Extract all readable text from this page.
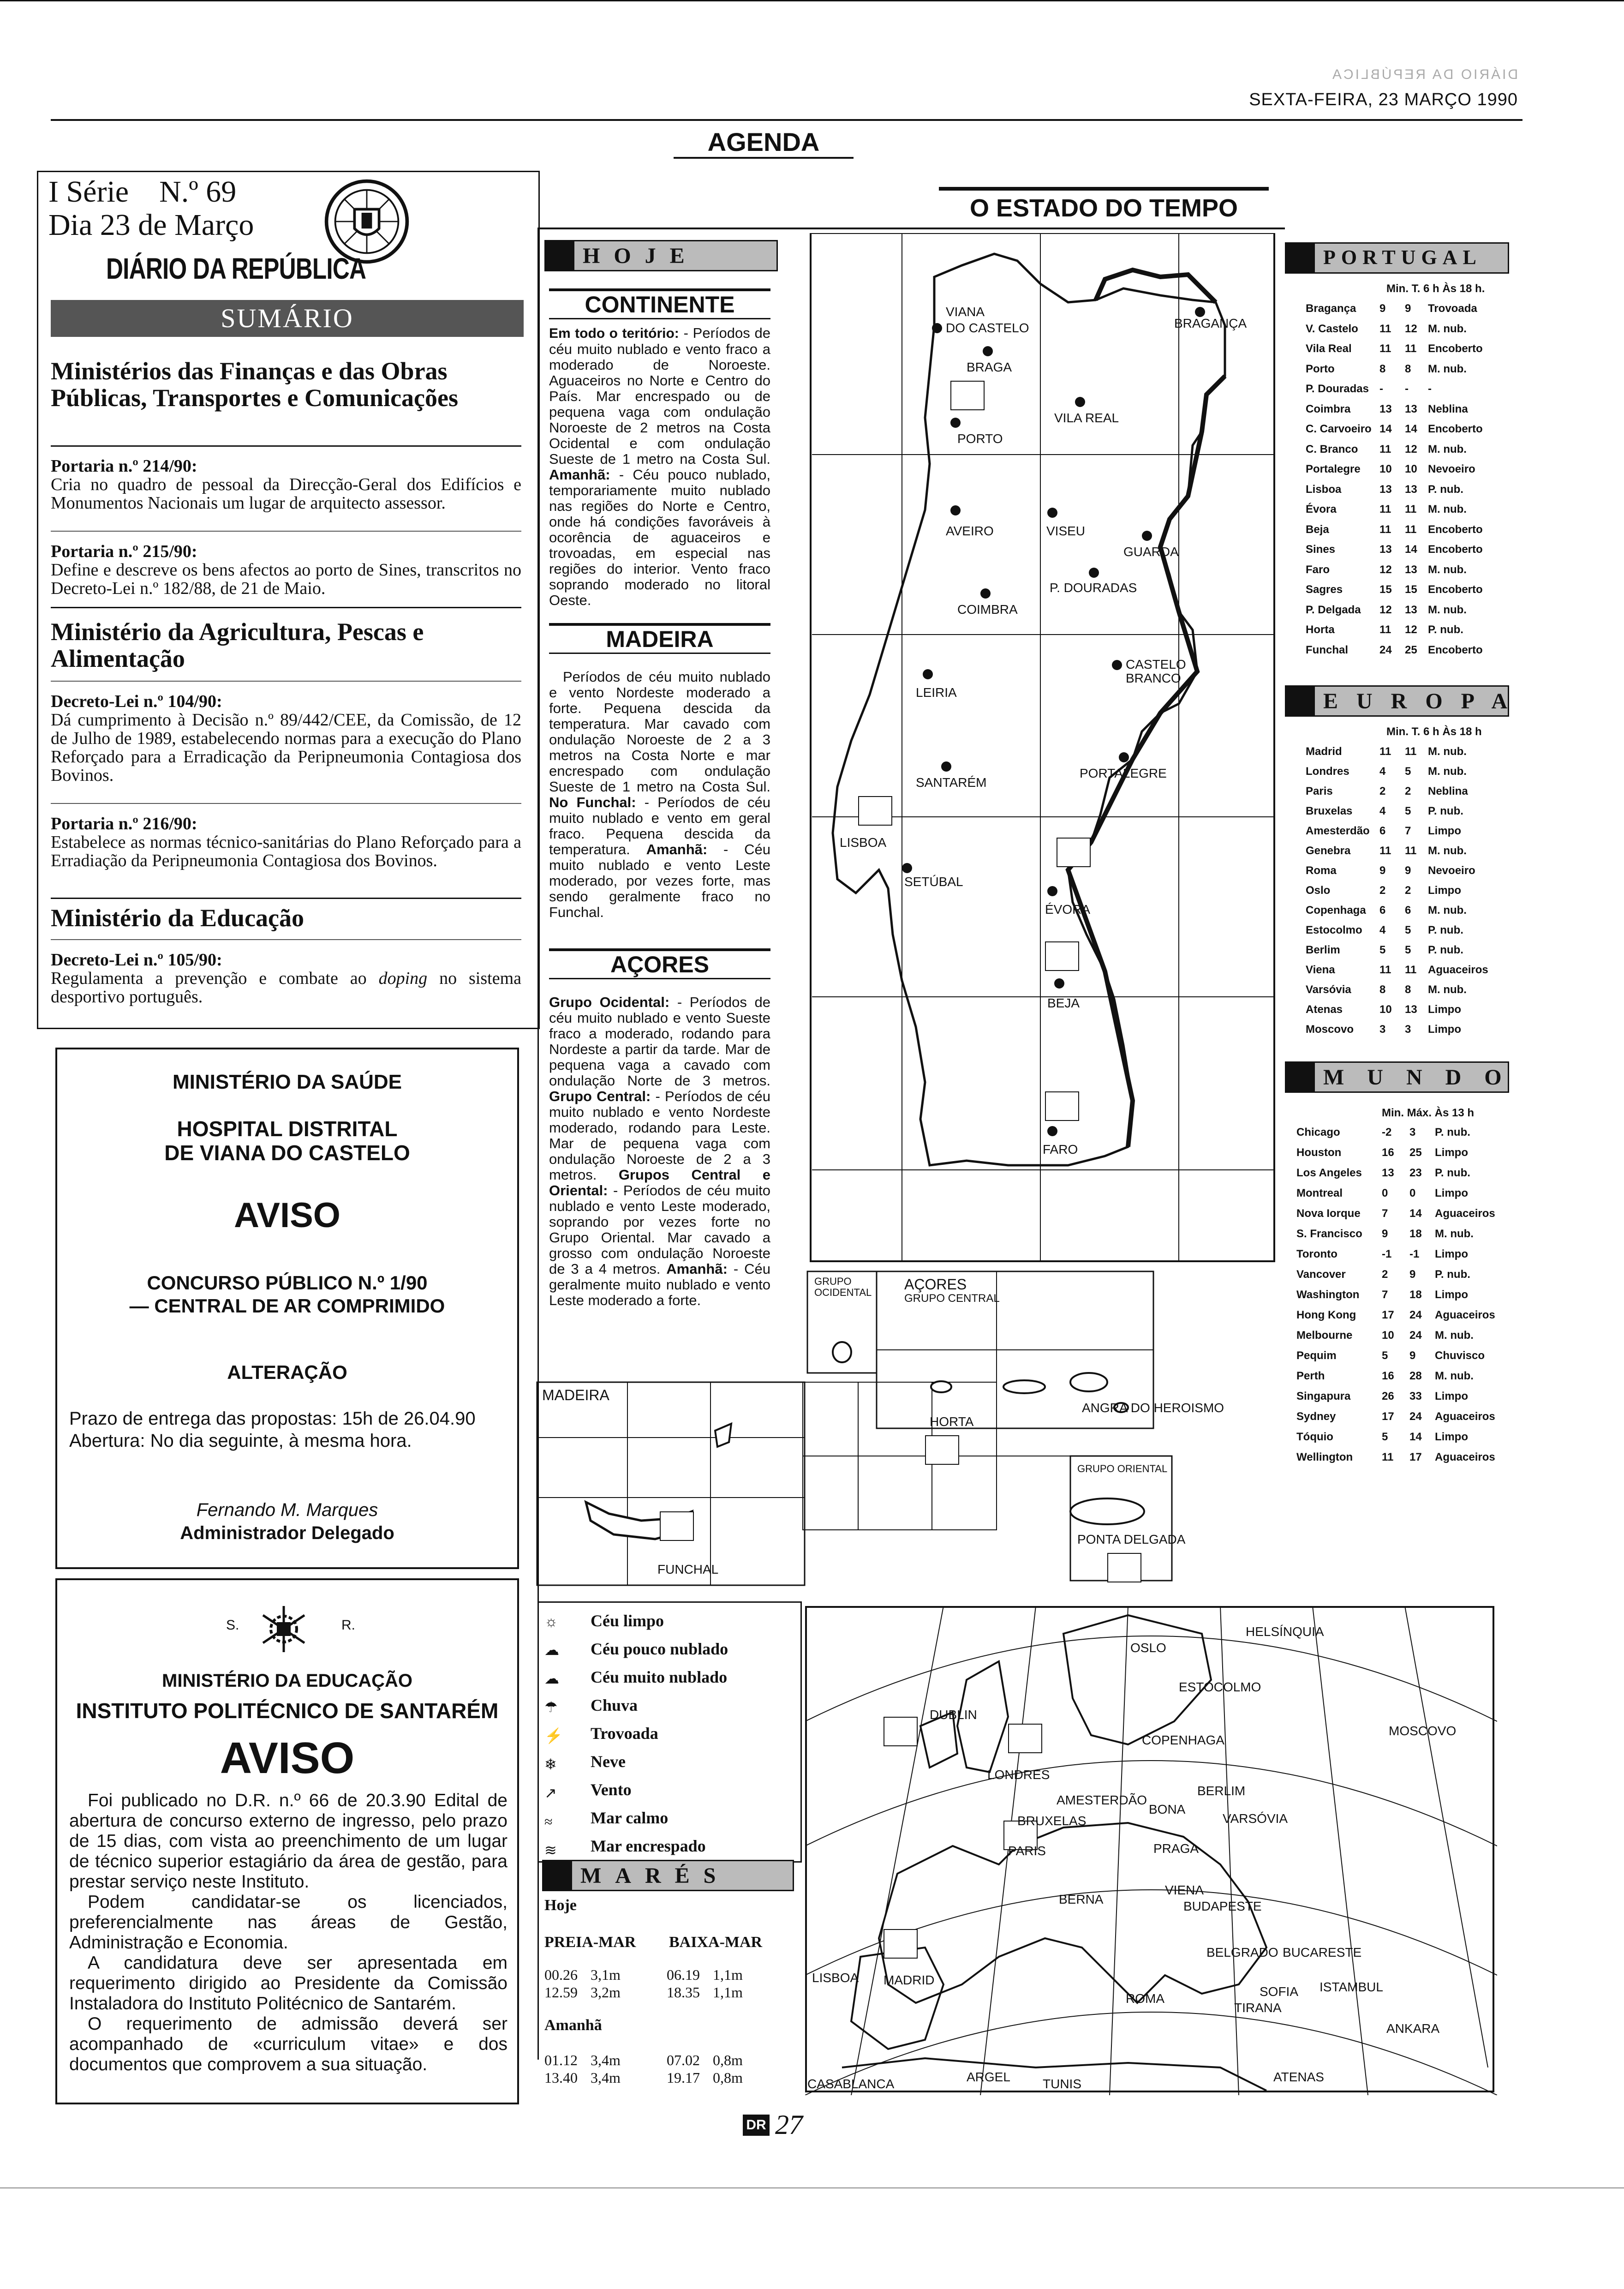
DIÁRIO DA REPÚBLICA
SEXTA-FEIRA, 23 MARÇO 1990
AGENDA
I Série N.º 69
Dia 23 de Março
DIÁRIO DA REPÚBLICA
SUMÁRIO
Ministérios das Finanças e das Obras Públicas, Transportes e Comunicações
Portaria n.º 214/90:
Cria no quadro de pessoal da Direcção-Geral dos Edifícios e Monumentos Nacionais um lugar de arquitecto assessor.
Portaria n.º 215/90:
Define e descreve os bens afectos ao porto de Sines, transcritos no Decreto-Lei n.º 182/88, de 21 de Maio.
Ministério da Agricultura, Pescas e Alimentação
Decreto-Lei n.º 104/90:
Dá cumprimento à Decisão n.º 89/442/CEE, da Comissão, de 12 de Julho de 1989, estabelecendo normas para a execução do Plano Reforçado para a Erradicação da Peripneumonia Contagiosa dos Bovinos.
Portaria n.º 216/90:
Estabelece as normas técnico-sanitárias do Plano Reforçado para a Erradiação da Peripneumonia Contagiosa dos Bovinos.
Ministério da Educação
Decreto-Lei n.º 105/90:
Regulamenta a prevenção e combate ao doping no sistema desportivo português.
MINISTÉRIO DA SAÚDE
HOSPITAL DISTRITAL
DE VIANA DO CASTELO
AVISO
CONCURSO PÚBLICO N.º 1/90
— CENTRAL DE AR COMPRIMIDO
ALTERAÇÃO
Prazo de entrega das propostas: 15h de 26.04.90
Abertura: No dia seguinte, à mesma hora.
Fernando M. Marques
Administrador Delegado
S.	R.
MINISTÉRIO DA EDUCAÇÃO
INSTITUTO POLITÉCNICO DE SANTARÉM
AVISO
Foi publicado no D.R. n.º 66 de 20.3.90 Edital de abertura de concurso externo de ingresso, pelo prazo de 15 dias, com vista ao preenchimento de um lugar de técnico superior estagiário da área de gestão, para prestar serviço neste Instituto.
Podem candidatar-se os licenciados, preferencialmente nas áreas de Gestão, Administração e Economia.
A candidatura deve ser apresentada em requerimento dirigido ao Presidente da Comissão Instaladora do Instituto Politécnico de Santarém.
O requerimento de admissão deverá ser acompanhado de «curriculum vitae» e dos documentos que comprovem a sua situação.
O ESTADO DO TEMPO
HOJE
CONTINENTE
Em todo o teritório: - Períodos de céu muito nublado e vento fraco a moderado de Noroeste. Aguaceiros no Norte e Centro do País. Mar encrespado ou de pequena vaga com ondulação Noroeste de 2 metros na Costa Ocidental e com ondulação Sueste de 1 metro na Costa Sul. Amanhã: - Céu pouco nublado, temporariamente muito nublado nas regiões do Norte e Centro, onde há condições favoráveis à ocorência de aguaceiros e trovoadas, em especial nas regiões do interior. Vento fraco soprando moderado no litoral Oeste.
MADEIRA
Períodos de céu muito nublado e vento Nordeste moderado a forte. Pequena descida da temperatura. Mar cavado com ondulação Noroeste de 2 a 3 metros na Costa Norte e mar encrespado com ondulação Sueste de 1 metro na Costa Sul. No Funchal: - Períodos de céu muito nublado e vento em geral fraco. Pequena descida da temperatura. Amanhã: - Céu muito nublado e vento Leste moderado, por vezes forte, mas sendo geralmente fraco no Funchal.
AÇORES
Grupo Ocidental: - Períodos de céu muito nublado e vento Sueste fraco a moderado, rodando para Nordeste a partir da tarde. Mar de pequena vaga a cavado com ondulação Norte de 3 metros. Grupo Central: - Períodos de céu muito nublado e vento Nordeste moderado, rodando para Leste. Mar de pequena vaga com ondulação Noroeste de 2 a 3 metros. Grupos Central e Oriental: - Períodos de céu muito nublado e vento Leste moderado, soprando por vezes forte no Grupo Oriental. Mar cavado a grosso com ondulação Noroeste de 3 a 4 metros. Amanhã: - Céu geralmente muito nublado e vento Leste moderado a forte.
VIANA
DO CASTELO
BRAGA
BRAGANÇA
PORTO
VILA REAL
AVEIRO	VISEU
GUARDA
P. DOURADAS
COIMBRA
CASTELO
BRANCO
LEIRIA
SANTARÉM
PORTALEGRE
LISBOA
SETÚBAL
ÉVORA
BEJA
FARO
GRUPO
OCIDENTAL AÇORES
GRUPO CENTRAL
HORTA
ANGRA DO HEROISMO
MADEIRA
FUNCHAL
GRUPO ORIENTAL
PONTA DELGADA
☼
☁
☁
☂
⚡
❄
↗
≈
≋
Céu limpo
Céu pouco nublado
Céu muito nublado
Chuva
Trovoada
Neve
Vento
Mar calmo
Mar encrespado
MARÉS
Hoje
PREIA-MAR BAIXA-MAR
00.26 3,1m	06.19 1,1m
12.59 3,2m	18.35 1,1m
Amanhã
01.12 3,4m	07.02 0,8m
13.40 3,4m	19.17 0,8m
HELSÍNQUIA
OSLO
ESTOCOLMO
DUBLIN
MOSCOVO
COPENHAGA
LONDRES
AMESTERDÃO
BERLIM
BONA
VARSÓVIA
BRUXELAS
PARIS	PRAGA
BERNA
VIENA
BUDAPESTE
BELGRADO BUCARESTE
LISBOA MADRID
ROMA	SOFIA ISTAMBUL
TIRANA
ANKARA
ATENAS
ARGEL	TUNIS
CASABLANCA
PORTUGAL
Min. T. 6 h Às 18 h.
Bragança 9 9 Trovoada
V. Castelo 11 12 M. nub.
Vila Real	11 11 Encoberto
Porto	8 8 M. nub.
P. Douradas - - -
Coimbra	13 13 Neblina
C. Carvoeiro 14 14 Encoberto
C. Branco 11 12 M. nub.
Portalegre 10 10 Nevoeiro
Lisboa	13 13 P. nub.
Évora	11 11 M. nub.
Beja	11 11 Encoberto
Sines	13 14 Encoberto
Faro	12 13 M. nub.
Sagres	15 15 Encoberto
P. Delgada 12 13 M. nub.
Horta	11 12 P. nub.
Funchal	24 25 Encoberto
EUROPA
Min. T. 6 h Às 18 h
Madrid	11 11 M. nub.
Londres	4 5 M. nub.
Paris	2 2 Neblina
Bruxelas 4 5 P. nub.
Amesterdão 6 7 Limpo
Genebra	11 11 M. nub.
Roma	9 9 Nevoeiro
Oslo	2 2 Limpo
Copenhaga 6 6 M. nub.
Estocolmo 4 5 P. nub.
Berlim	5 5 P. nub.
Viena	11 11 Aguaceiros
Varsóvia	8 8 M. nub.
Atenas	10 13 Limpo
Moscovo 3 3 Limpo
MUNDO
Min. Máx. Às 13 h
Chicago	-2 3 P. nub.
Houston	16 25 Limpo
Los Angeles 13 23 P. nub.
Montreal	0 0 Limpo
Nova Iorque 7 14 Aguaceiros
S. Francisco 9 18 M. nub.
Toronto	-1 -1 Limpo
Vancover	2 9 P. nub.
Washington 7 18 Limpo
Hong Kong 17 24 Aguaceiros
Melbourne	10 24 M. nub.
Pequim	5 9 Chuvisco
Perth	16 28 M. nub.
Singapura	26 33 Limpo
Sydney	17 24 Aguaceiros
Tóquio	5 14 Limpo
Wellington	11 17 Aguaceiros
DR 27
